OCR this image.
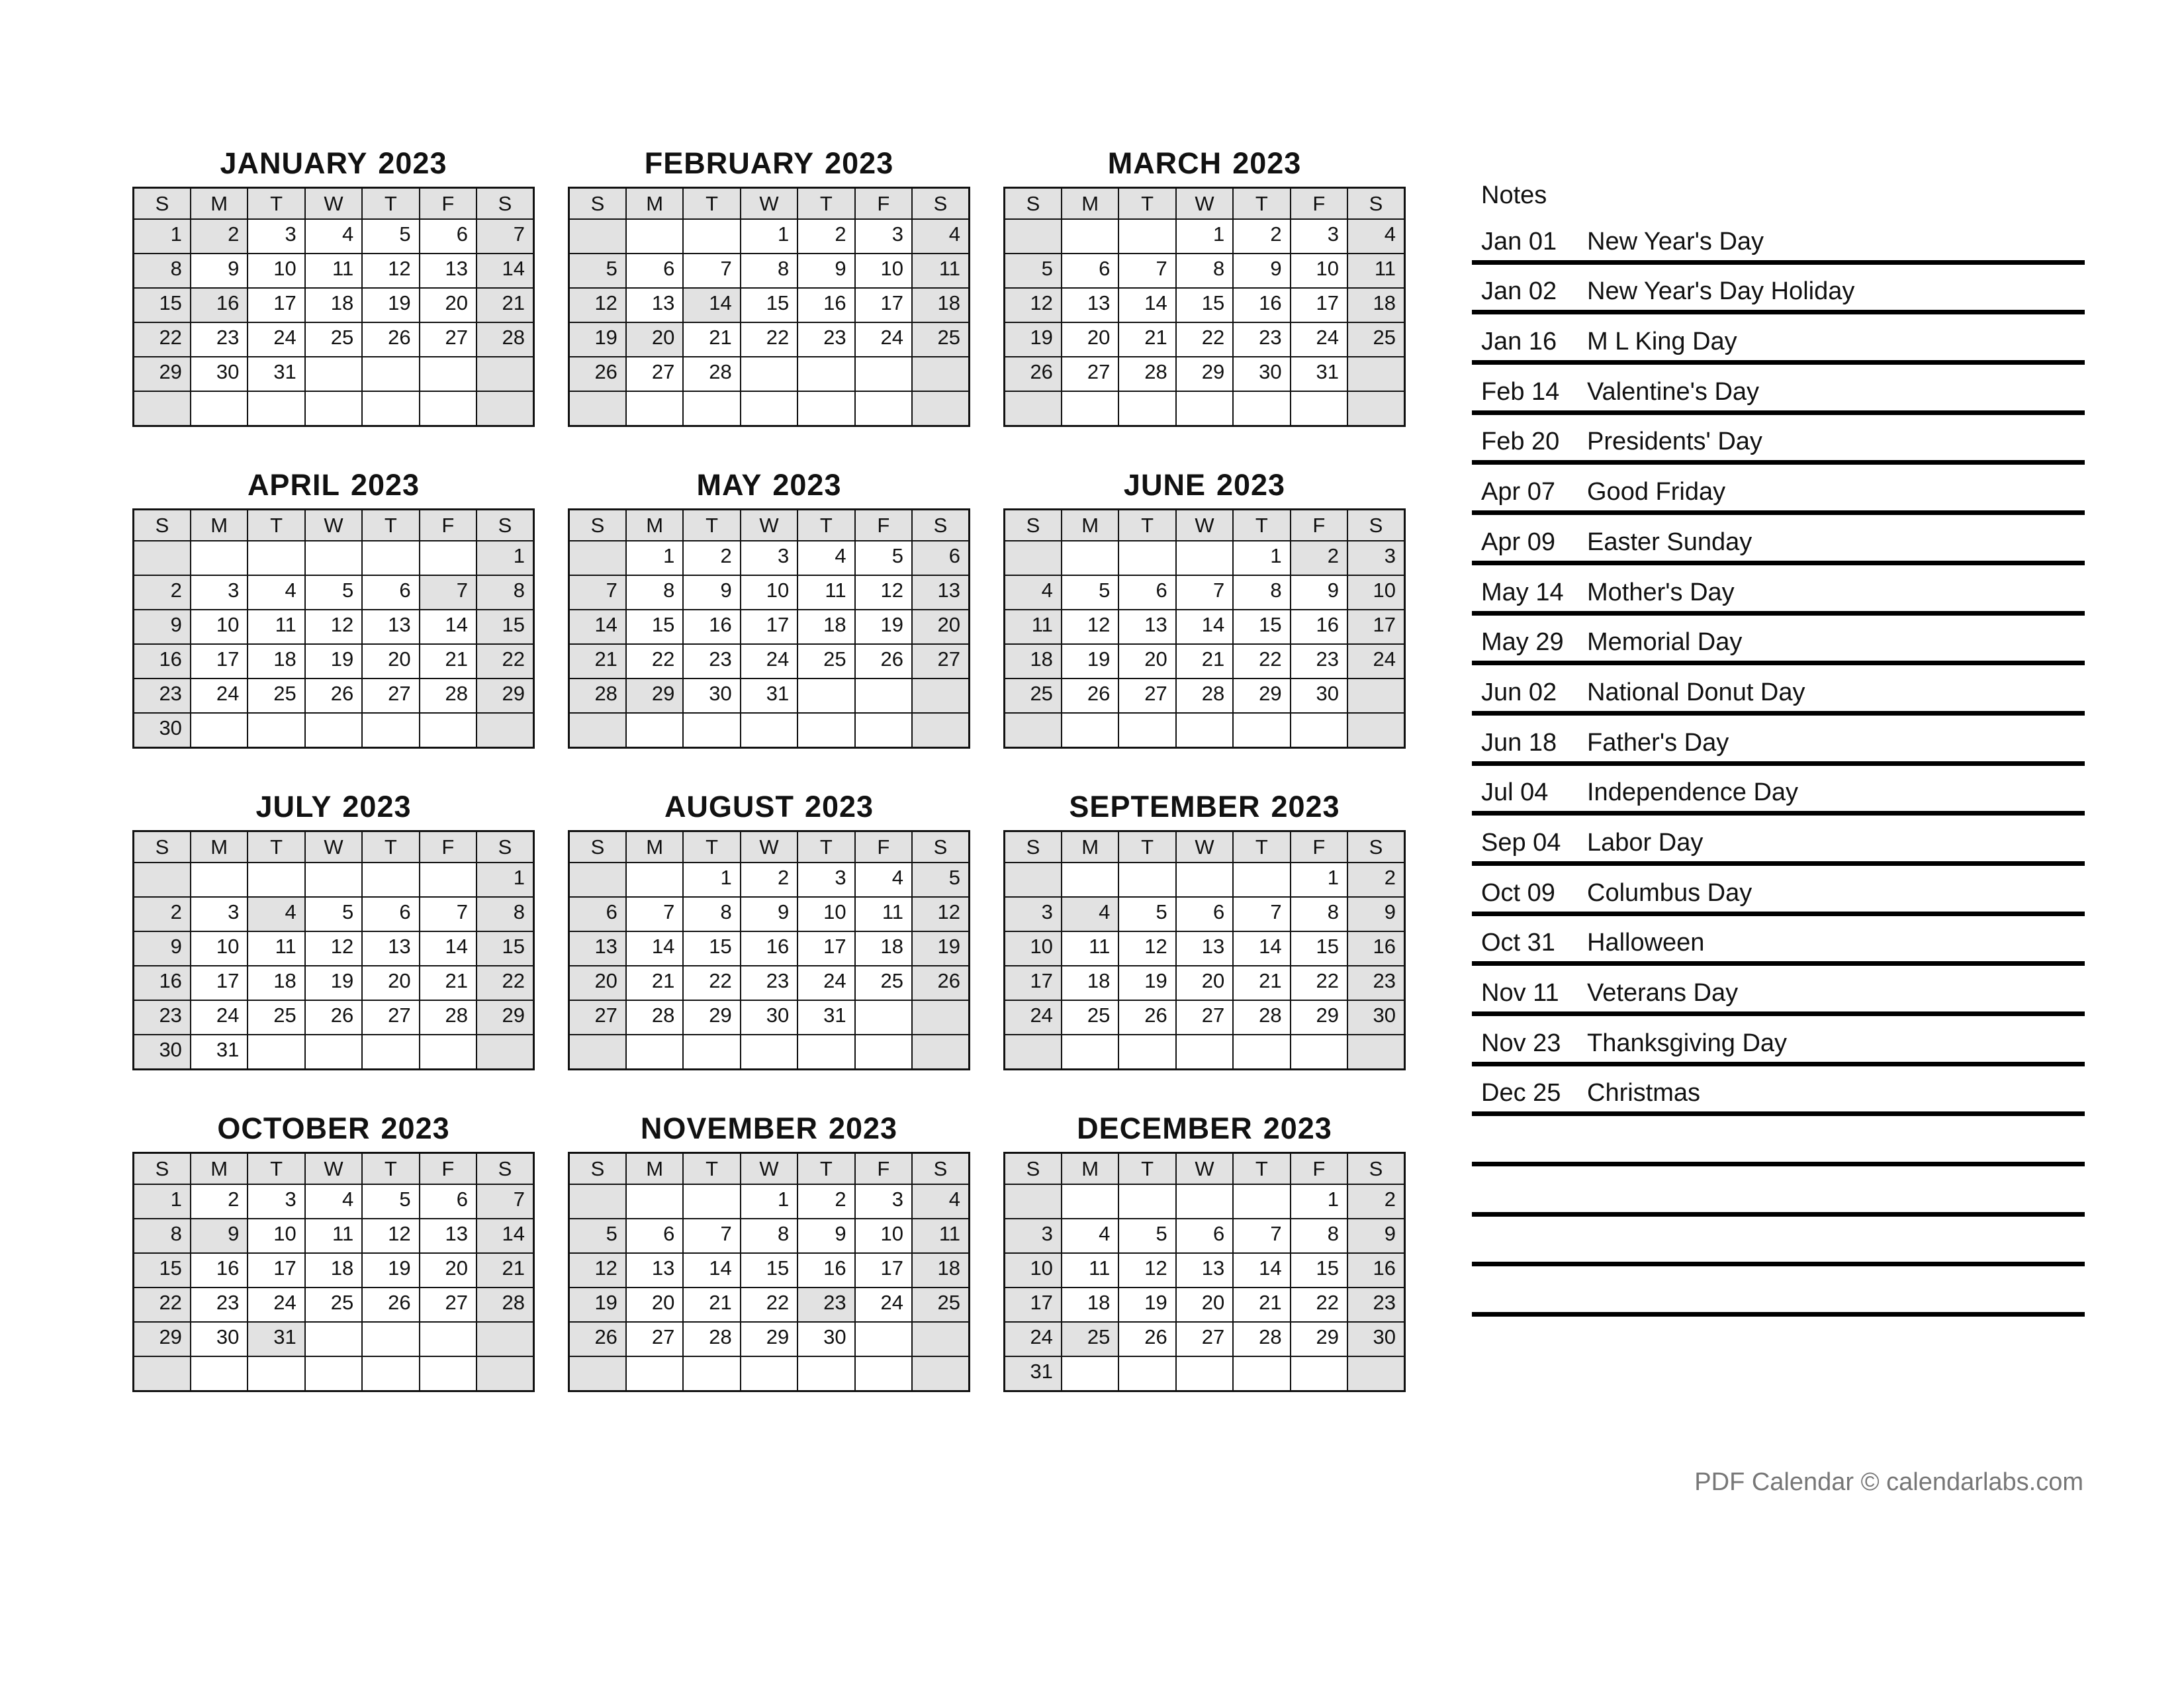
JANUARY 2023
S	M	T	W	T	F	S
1	2	3	4	5	6	7
8	9	10	11	12	13	14
15	16	17	18	19	20	21
22	23	24	25	26	27	28
29	30	31				

FEBRUARY 2023
S	M	T	W	T	F	S
			1	2	3	4
5	6	7	8	9	10	11
12	13	14	15	16	17	18
19	20	21	22	23	24	25
26	27	28				

MARCH 2023
S	M	T	W	T	F	S
			1	2	3	4
5	6	7	8	9	10	11
12	13	14	15	16	17	18
19	20	21	22	23	24	25
26	27	28	29	30	31	

APRIL 2023
S	M	T	W	T	F	S
						1
2	3	4	5	6	7	8
9	10	11	12	13	14	15
16	17	18	19	20	21	22
23	24	25	26	27	28	29
30						
MAY 2023
S	M	T	W	T	F	S
	1	2	3	4	5	6
7	8	9	10	11	12	13
14	15	16	17	18	19	20
21	22	23	24	25	26	27
28	29	30	31			

JUNE 2023
S	M	T	W	T	F	S
				1	2	3
4	5	6	7	8	9	10
11	12	13	14	15	16	17
18	19	20	21	22	23	24
25	26	27	28	29	30	

JULY 2023
S	M	T	W	T	F	S
						1
2	3	4	5	6	7	8
9	10	11	12	13	14	15
16	17	18	19	20	21	22
23	24	25	26	27	28	29
30	31					
AUGUST 2023
S	M	T	W	T	F	S
		1	2	3	4	5
6	7	8	9	10	11	12
13	14	15	16	17	18	19
20	21	22	23	24	25	26
27	28	29	30	31		

SEPTEMBER 2023
S	M	T	W	T	F	S
					1	2
3	4	5	6	7	8	9
10	11	12	13	14	15	16
17	18	19	20	21	22	23
24	25	26	27	28	29	30

OCTOBER 2023
S	M	T	W	T	F	S
1	2	3	4	5	6	7
8	9	10	11	12	13	14
15	16	17	18	19	20	21
22	23	24	25	26	27	28
29	30	31				

NOVEMBER 2023
S	M	T	W	T	F	S
			1	2	3	4
5	6	7	8	9	10	11
12	13	14	15	16	17	18
19	20	21	22	23	24	25
26	27	28	29	30		

DECEMBER 2023
S	M	T	W	T	F	S
					1	2
3	4	5	6	7	8	9
10	11	12	13	14	15	16
17	18	19	20	21	22	23
24	25	26	27	28	29	30
31						
Notes
Jan 01	New Year's Day
Jan 02	New Year's Day Holiday
Jan 16	M L King Day
Feb 14	Valentine's Day
Feb 20	Presidents' Day
Apr 07	Good Friday
Apr 09	Easter Sunday
May 14 Mother's Day
May 29 Memorial Day
Jun 02	National Donut Day
Jun 18	Father's Day
Jul 04	Independence Day
Sep 04	Labor Day
Oct 09	Columbus Day
Oct 31	Halloween
Nov 11	Veterans Day
Nov 23	Thanksgiving Day
Dec 25	Christmas
PDF Calendar © calendarlabs.com
